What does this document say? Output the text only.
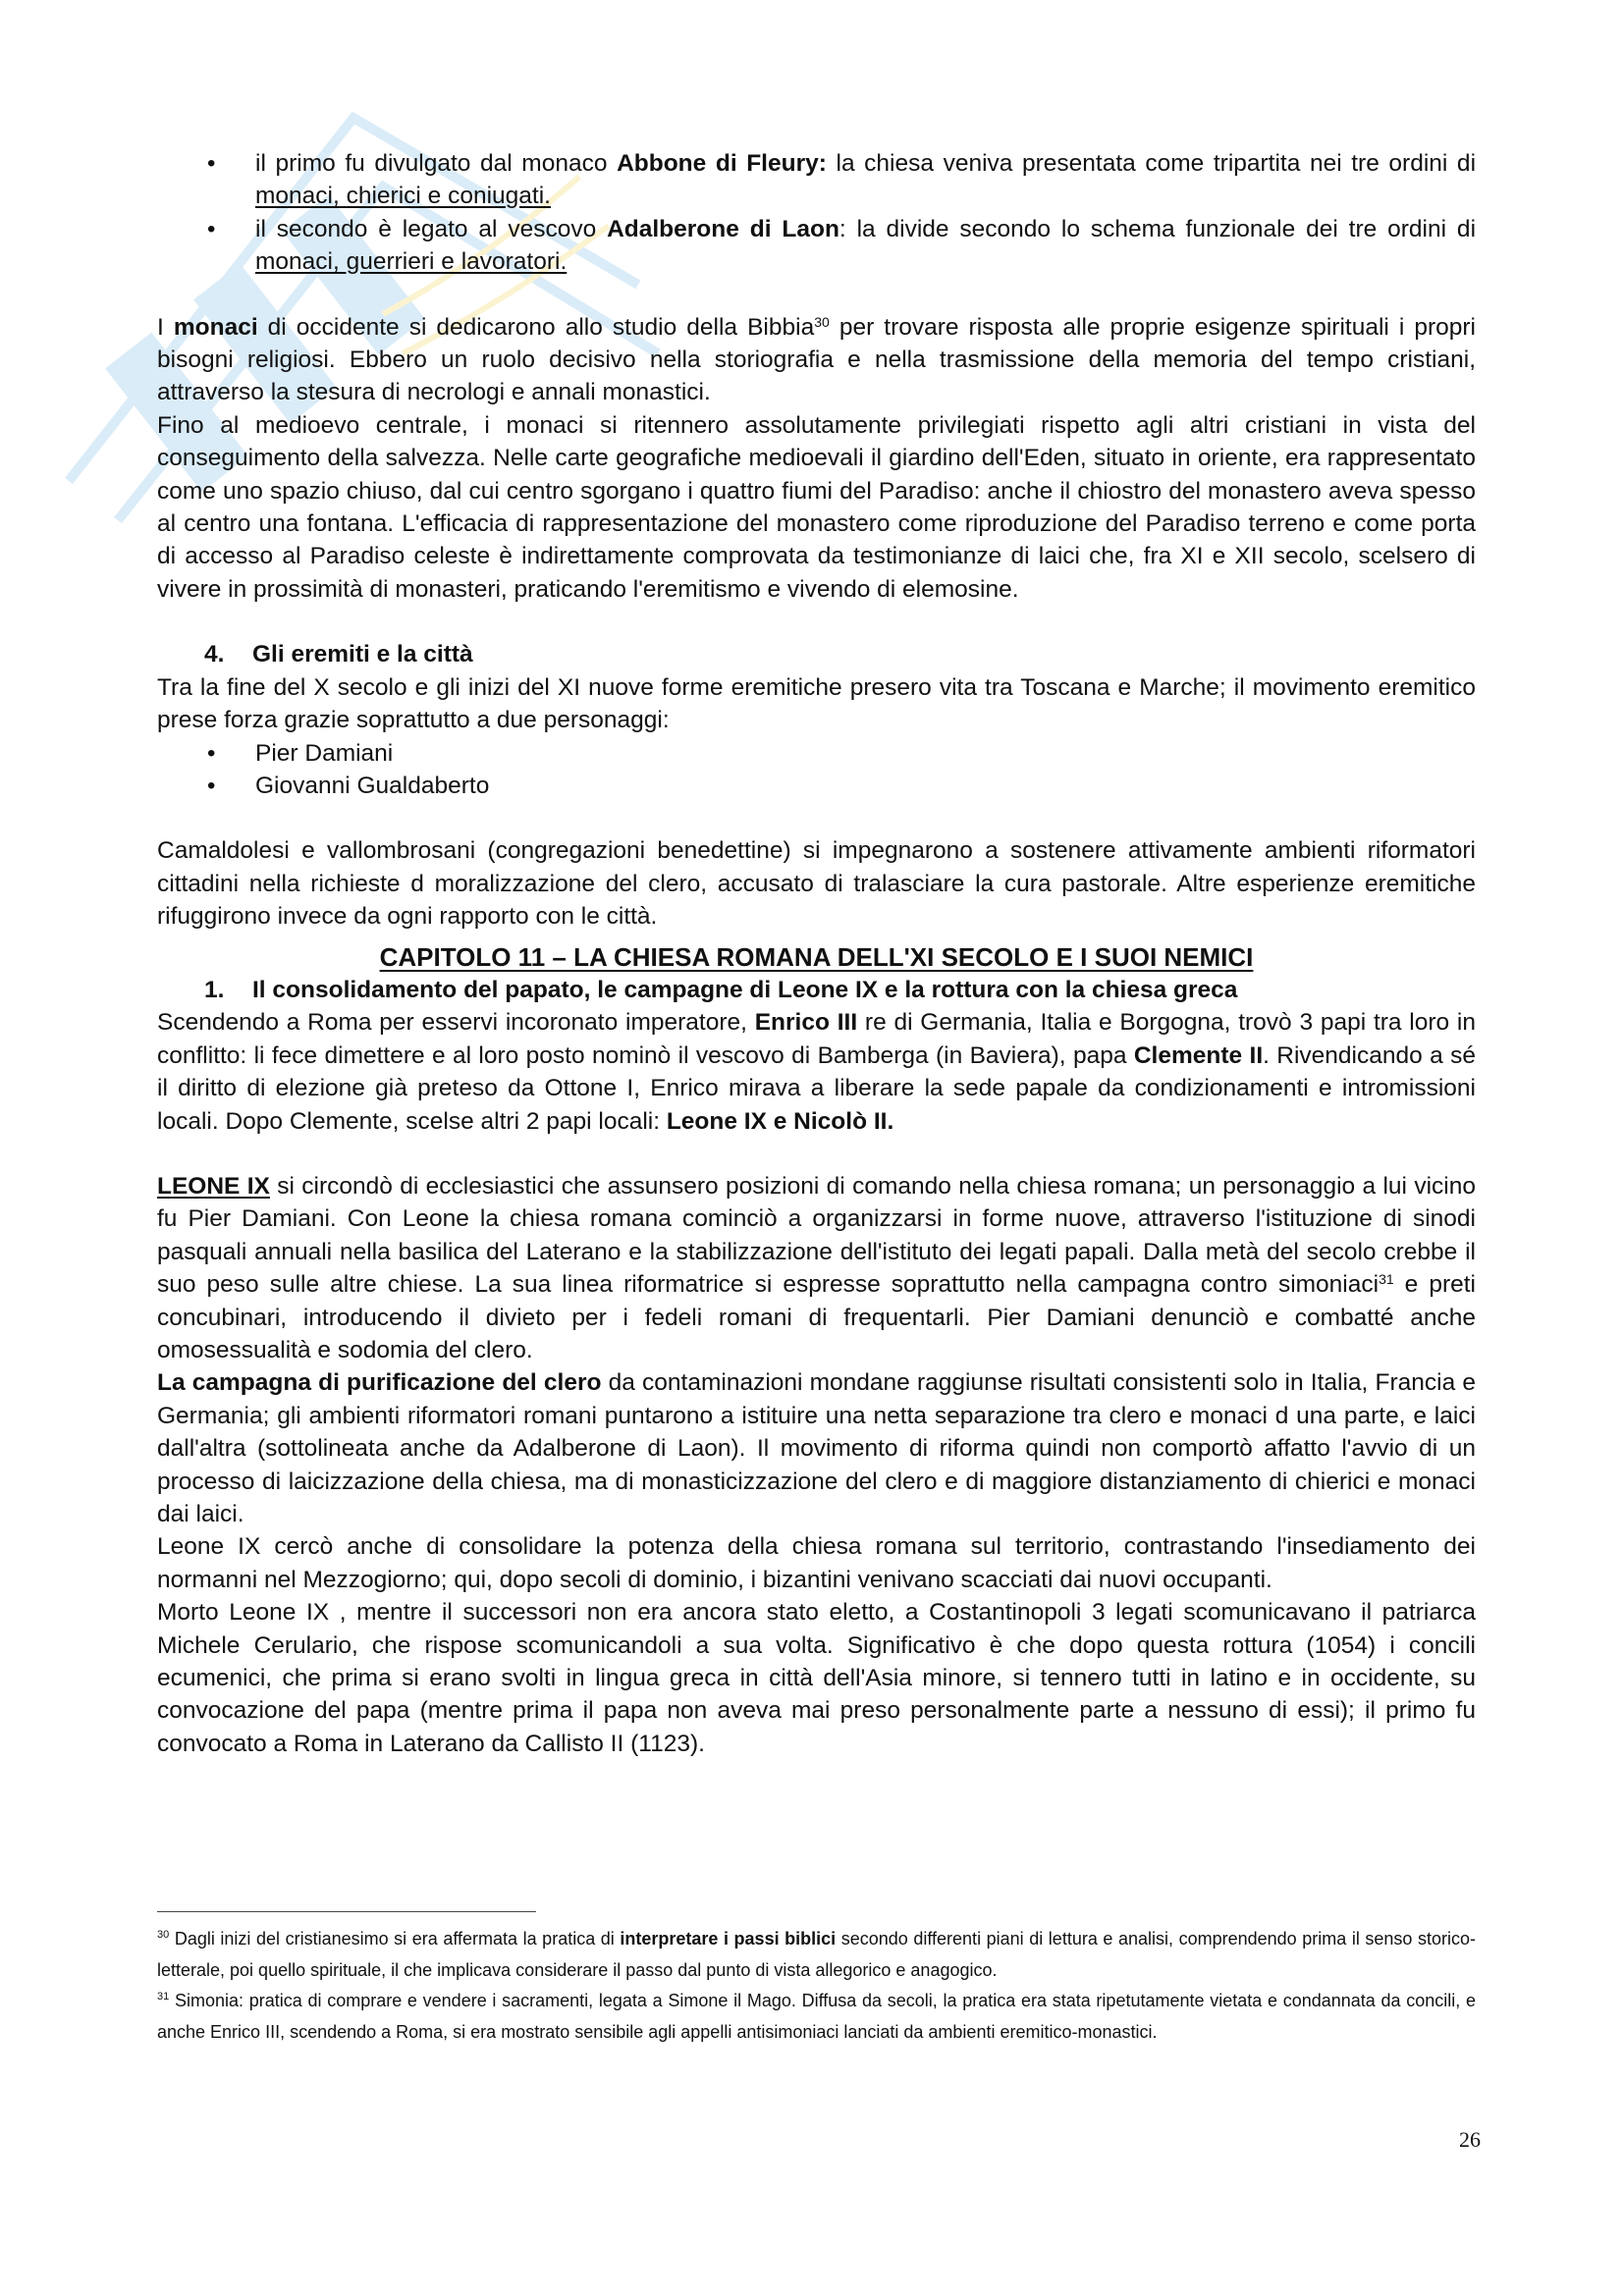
• il primo fu divulgato dal monaco Abbone di Fleury: la chiesa veniva presentata come tripartita nei tre ordini di monaci, chierici e coniugati.
• il secondo è legato al vescovo Adalberone di Laon: la divide secondo lo schema funzionale dei tre ordini di monaci, guerrieri e lavoratori.

I monaci di occidente si dedicarono allo studio della Bibbia$^{30}$ per trovare risposta alle proprie esigenze spirituali i propri bisogni religiosi. Ebbero un ruolo decisivo nella storiografia e nella trasmissione della memoria del tempo cristiani, attraverso la stesura di necrologi e annali monastici.

Fino al medioevo centrale, i monaci si ritennero assolutamente privilegiati rispetto agli altri cristiani in vista del conseguimento della salvezza. Nelle carte geografiche medioevali il giardino dell'Eden, situato in oriente, era rappresentato come uno spazio chiuso, dal cui centro sgorgano i quattro fiumi del Paradiso: anche il chiostro del monastero aveva spesso al centro una fontana. L'efficacia di rappresentazione del monastero come riproduzione del Paradiso terreno e come porta di accesso al Paradiso celeste è indirettamente comprovata da testimonianze di laici che, fra XI e XII secolo, scelsero di vivere in prossimità di monasteri, praticando l'eremitismo e vivendo di elemosine.

4. Gli eremiti e la città

Tra la fine del X secolo e gli inizi del XI nuove forme eremitiche presero vita tra Toscana e Marche; il movimento eremitico prese forza grazie soprattutto a due personaggi:

• Pier Damiani
• Giovanni Gualdaberto

Camaldolesi e vallombrosani (congregazioni benedettine) si impegnarono a sostenere attivamente ambienti riformatori cittadini nella richieste d moralizzazione del clero, accusato di tralasciare la cura pastorale. Altre esperienze eremitiche rifuggirono invece da ogni rapporto con le città.

CAPITOLO 11 – LA CHIESA ROMANA DELL'XI SECOLO E I SUOI NEMICI

1. Il consolidamento del papato, le campagne di Leone IX e la rottura con la chiesa greca

Scendendo a Roma per esservi incoronato imperatore, Enrico III re di Germania, Italia e Borgogna, trovò 3 papi tra loro in conflitto: li fece dimettere e al loro posto nominò il vescovo di Bamberga (in Baviera), papa Clemente II. Rivendicando a sé il diritto di elezione già preteso da Ottone I, Enrico mirava a liberare la sede papale da condizionamenti e intromissioni locali. Dopo Clemente, scelse altri 2 papi locali: Leone IX e Nicolò II.

LEONE IX si circondò di ecclesiastici che assunsero posizioni di comando nella chiesa romana; un personaggio a lui vicino fu Pier Damiani. Con Leone la chiesa romana cominciò a organizzarsi in forme nuove, attraverso l'istituzione di sinodi pasquali annuali nella basilica del Laterano e la stabilizzazione dell'istituto dei legati papali. Dalla metà del secolo crebbe il suo peso sulle altre chiese. La sua linea riformatrice si espresse soprattutto nella campagna contro simoniaci$^{31}$ e preti concubinari, introducendo il divieto per i fedeli romani di frequentarli. Pier Damiani denunciò e combatté anche omosessualità e sodomia del clero.

La campagna di purificazione del clero da contaminazioni mondane raggiunse risultati consistenti solo in Italia, Francia e Germania; gli ambienti riformatori romani puntarono a istituire una netta separazione tra clero e monaci d una parte, e laici dall'altra (sottolineata anche da Adalberone di Laon). Il movimento di riforma quindi non comportò affatto l'avvio di un processo di laicizzazione della chiesa, ma di monasticizzazione del clero e di maggiore distanziamento di chierici e monaci dai laici.

Leone IX cercò anche di consolidare la potenza della chiesa romana sul territorio, contrastando l'insediamento dei normanni nel Mezzogiorno; qui, dopo secoli di dominio, i bizantini venivano scacciati dai nuovi occupanti.

Morto Leone IX , mentre il successori non era ancora stato eletto, a Costantinopoli 3 legati scomunicavano il patriarca Michele Cerulario, che rispose scomunicandoli a sua volta. Significativo è che dopo questa rottura (1054) i concili ecumenici, che prima si erano svolti in lingua greca in città dell'Asia minore, si tennero tutti in latino e in occidente, su convocazione del papa (mentre prima il papa non aveva mai preso personalmente parte a nessuno di essi); il primo fu convocato a Roma in Laterano da Callisto II (1123).

$^{30}$ Dagli inizi del cristianesimo si era affermata la pratica di interpretare i passi biblici secondo differenti piani di lettura e analisi, comprendendo prima il senso storico-letterale, poi quello spirituale, il che implicava considerare il passo dal punto di vista allegorico e anagogico.

$^{31}$ Simonia: pratica di comprare e vendere i sacramenti, legata a Simone il Mago. Diffusa da secoli, la pratica era stata ripetutamente vietata e condannata da concili, e anche Enrico III, scendendo a Roma, si era mostrato sensibile agli appelli antisimoniaci lanciati da ambienti eremitico-monastici.

26
